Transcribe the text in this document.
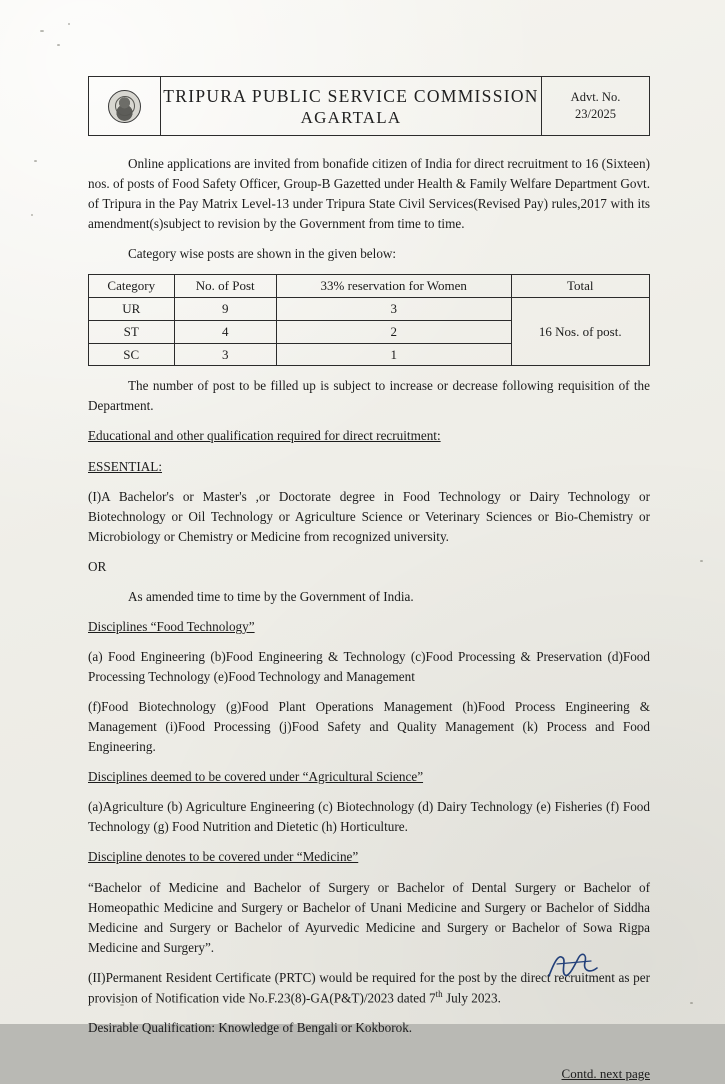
TRIPURA PUBLIC SERVICE COMMISSION
AGARTALA
Advt. No.
23/2025

Online applications are invited from bonafide citizen of India for direct recruitment to 16 (Sixteen) nos. of posts of Food Safety Officer, Group-B Gazetted under Health & Family Welfare Department Govt. of Tripura in the Pay Matrix Level-13 under Tripura State Civil Services(Revised Pay) rules,2017 with its amendment(s)subject to revision by the Government from time to time.

Category wise posts are shown in the given below:

Category	No. of Post	33% reservation for Women	Total
UR	9	3	16 Nos. of post.
ST	4	2	
SC	3	1	

The number of post to be filled up is subject to increase or decrease following requisition of the Department.

Educational and other qualification required for direct recruitment:

ESSENTIAL:

(I)A Bachelor's or Master's ,or Doctorate degree in Food Technology or Dairy Technology or Biotechnology or Oil Technology or Agriculture Science or Veterinary Sciences or Bio-Chemistry or Microbiology or Chemistry or Medicine from recognized university.

OR

As amended time to time by the Government of India.

Disciplines “Food Technology”

(a) Food Engineering (b)Food Engineering & Technology (c)Food Processing & Preservation (d)Food Processing Technology (e)Food Technology and Management

(f)Food Biotechnology (g)Food Plant Operations Management (h)Food Process Engineering & Management (i)Food Processing (j)Food Safety and Quality Management (k) Process and Food Engineering.

Disciplines deemed to be covered under “Agricultural Science”

(a)Agriculture (b) Agriculture Engineering (c) Biotechnology (d) Dairy Technology (e) Fisheries (f) Food Technology (g) Food Nutrition and Dietetic (h) Horticulture.

Discipline denotes to be covered under “Medicine”

“Bachelor of Medicine and Bachelor of Surgery or Bachelor of Dental Surgery or Bachelor of Homeopathic Medicine and Surgery or Bachelor of Unani Medicine and Surgery or Bachelor of Siddha Medicine and Surgery or Bachelor of Ayurvedic Medicine and Surgery or Bachelor of Sowa Rigpa Medicine and Surgery”.

(II)Permanent Resident Certificate (PRTC) would be required for the post by the direct recruitment as per provision of Notification vide No.F.23(8)-GA(P&T)/2023 dated 7th July 2023.

Desirable Qualification: Knowledge of Bengali or Kokborok.

Contd. next page
